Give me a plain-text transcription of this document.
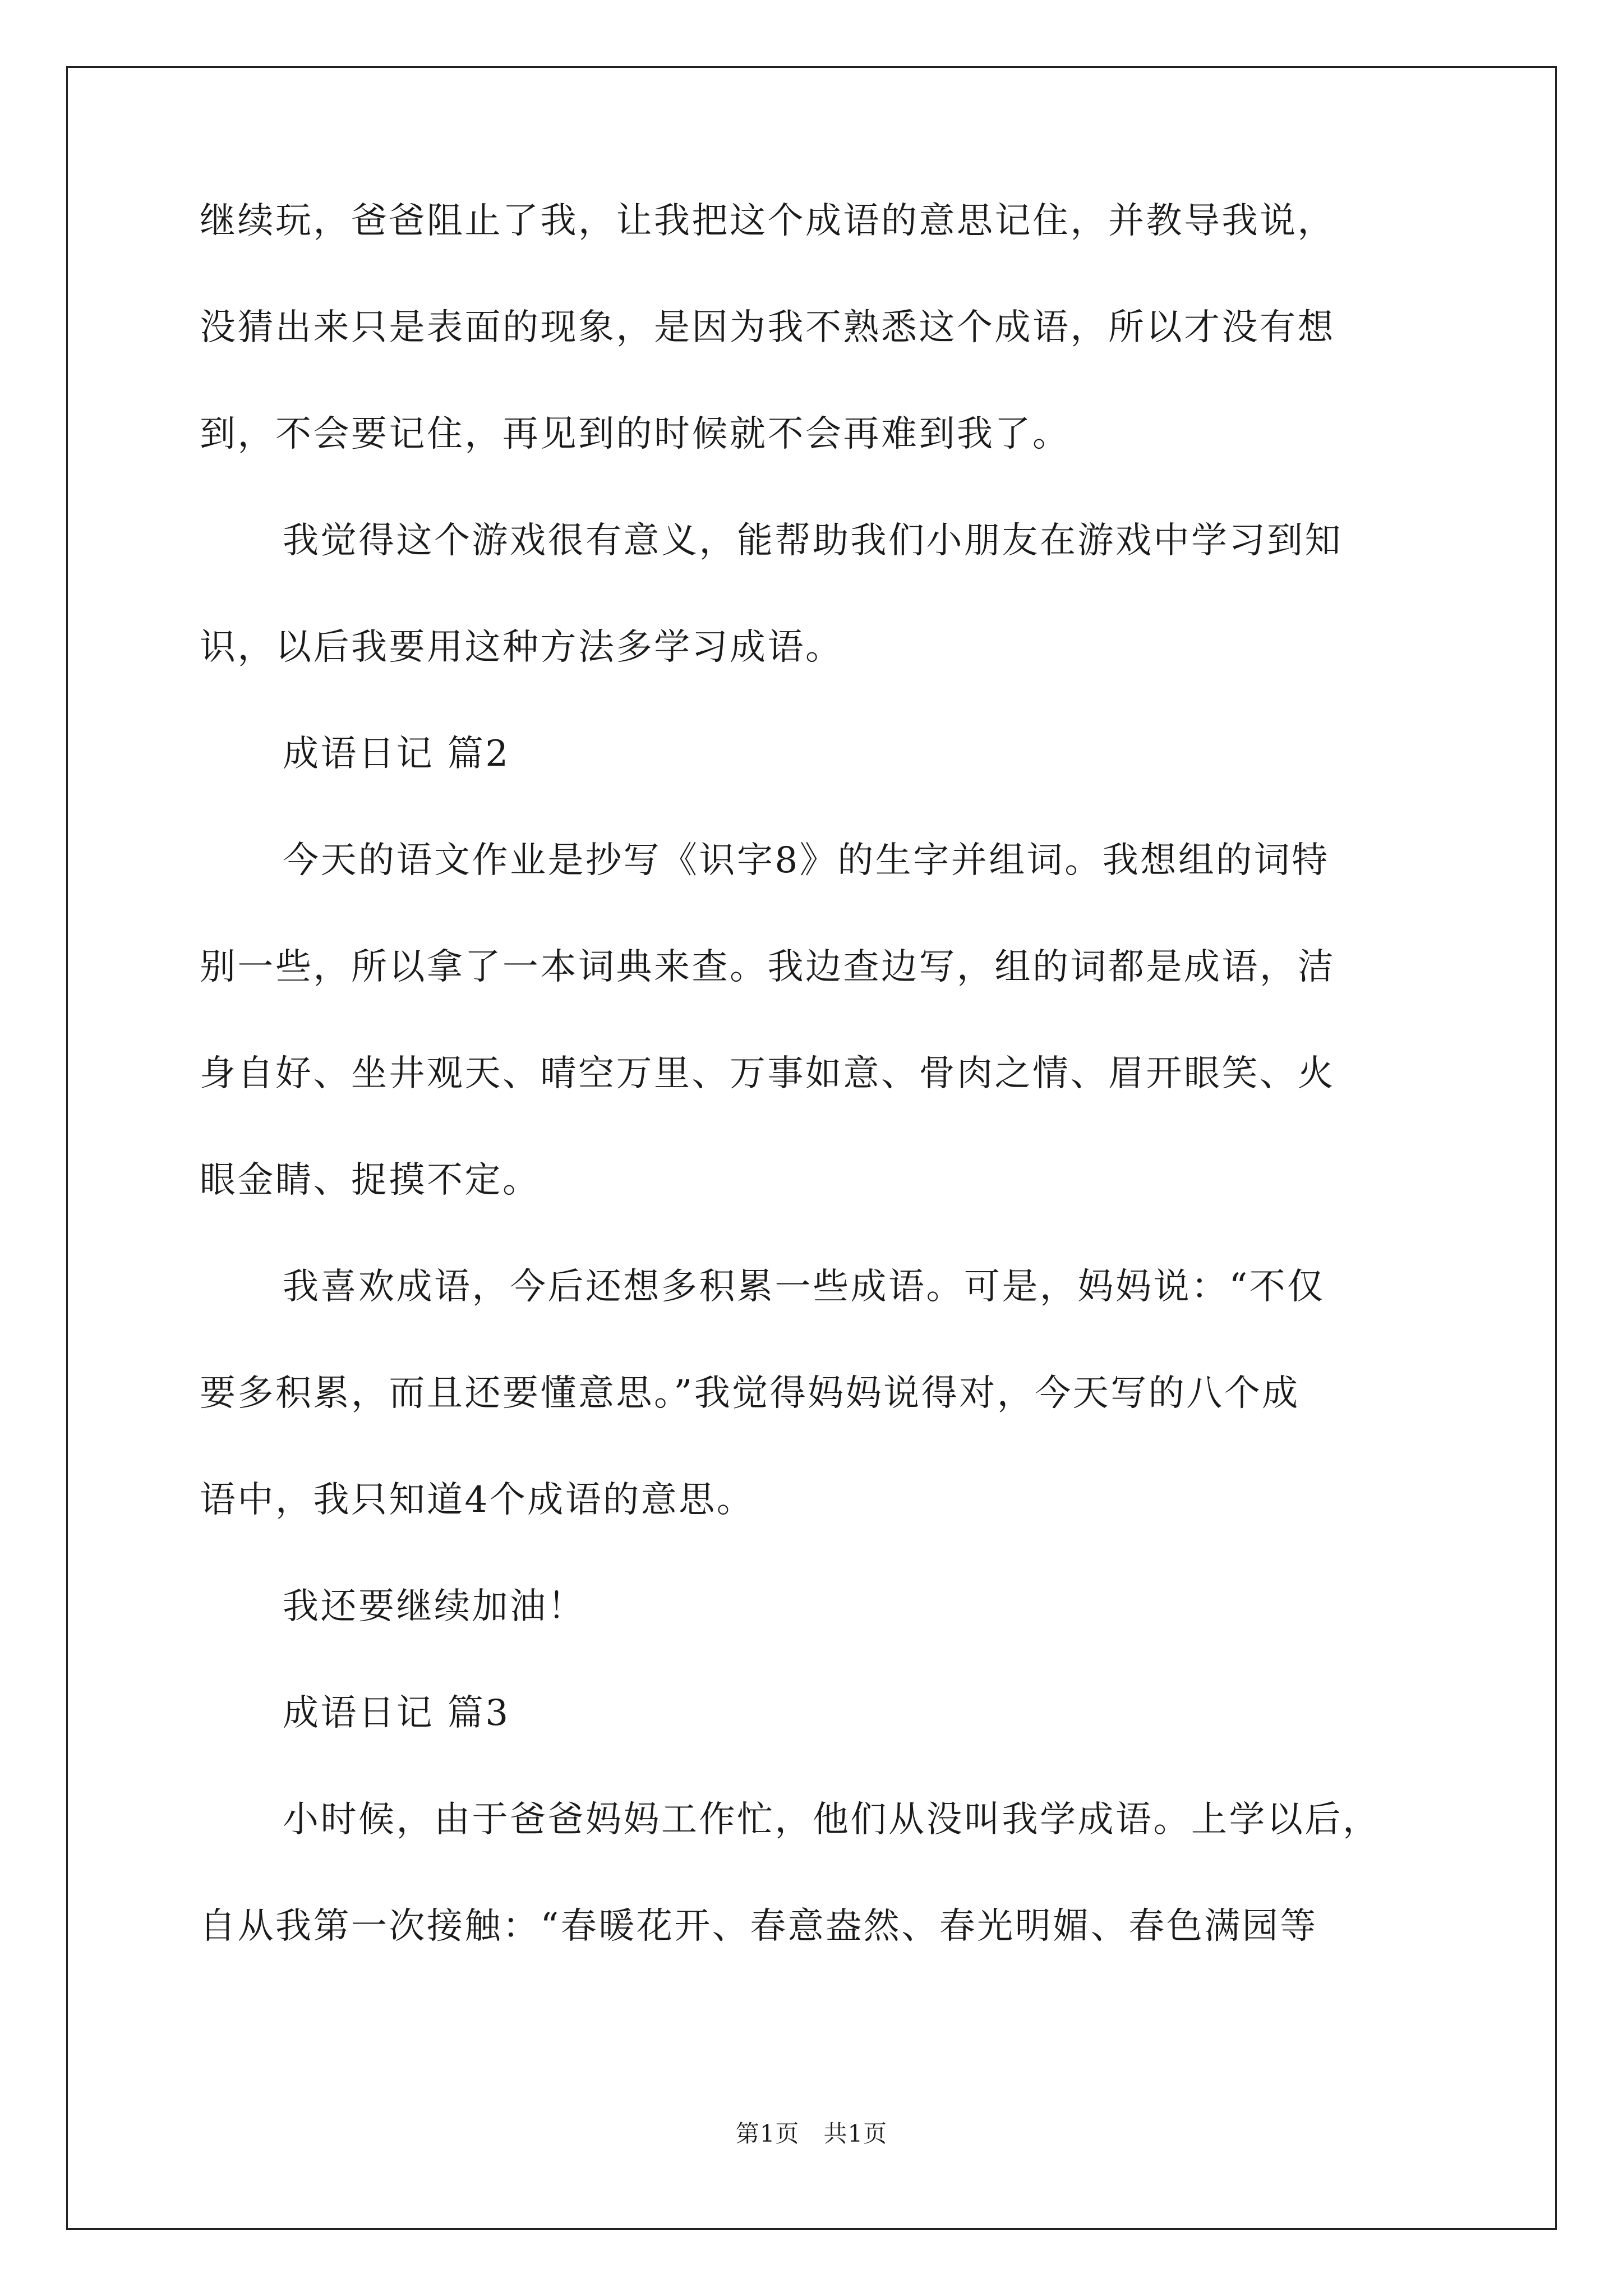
继续玩，爸爸阻止了我，让我把这个成语的意思记住，并教导我说，
没猜出来只是表面的现象，是因为我不熟悉这个成语，所以才没有想
到，不会要记住，再见到的时候就不会再难到我了。
我觉得这个游戏很有意义，能帮助我们小朋友在游戏中学习到知
识，以后我要用这种方法多学习成语。
成语日记 篇2
今天的语文作业是抄写《识字8》的生字并组词。我想组的词特
别一些，所以拿了一本词典来查。我边查边写，组的词都是成语，洁
身自好、坐井观天、晴空万里、万事如意、骨肉之情、眉开眼笑、火
眼金睛、捉摸不定。
我喜欢成语，今后还想多积累一些成语。可是，妈妈说：“不仅
要多积累，而且还要懂意思。”我觉得妈妈说得对，今天写的八个成
语中，我只知道4个成语的意思。
我还要继续加油！
成语日记 篇3
小时候，由于爸爸妈妈工作忙，他们从没叫我学成语。上学以后，
自从我第一次接触：“春暖花开、春意盎然、春光明媚、春色满园等
第1页　共1页
